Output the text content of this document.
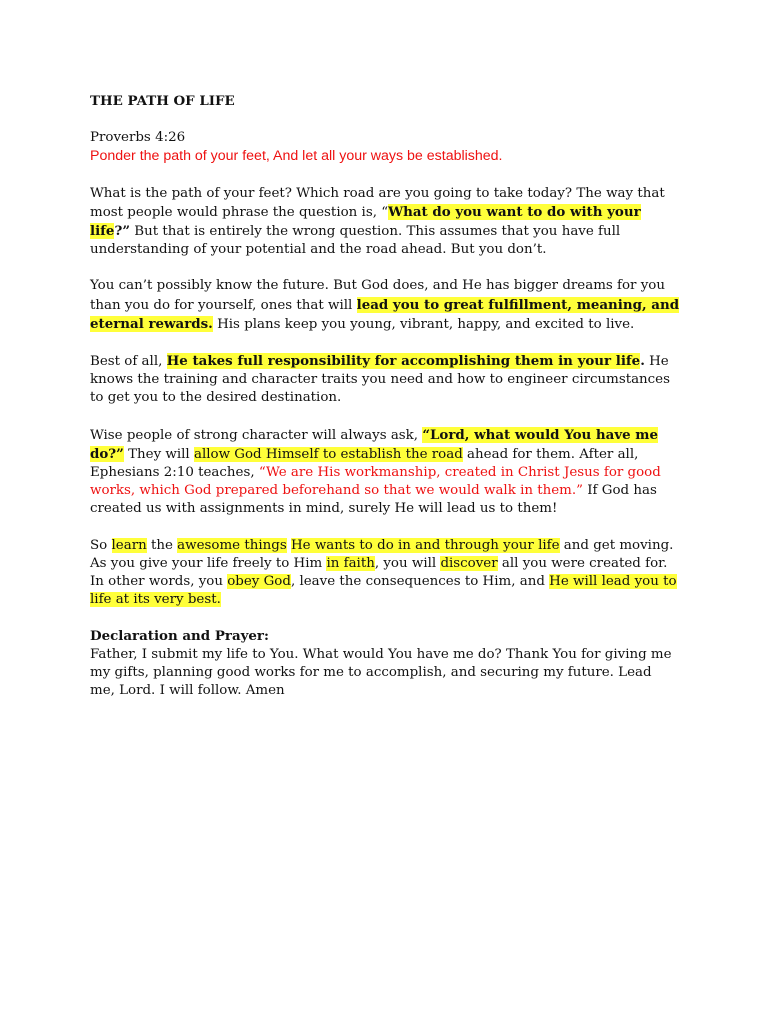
THE PATH OF LIFE
Proverbs 4:26
Ponder the path of your feet, And let all your ways be established.

What is the path of your feet? Which road are you going to take today? The way that most people would phrase the question is, “What do you want to do with your life?” But that is entirely the wrong question. This assumes that you have full understanding of your potential and the road ahead. But you don’t.

You can’t possibly know the future. But God does, and He has bigger dreams for you than you do for yourself, ones that will lead you to great fulfillment, meaning, and eternal rewards. His plans keep you young, vibrant, happy, and excited to live.

Best of all, He takes full responsibility for accomplishing them in your life. He knows the training and character traits you need and how to engineer circumstances to get you to the desired destination.

Wise people of strong character will always ask, “Lord, what would You have me do?” They will allow God Himself to establish the road ahead for them. After all, Ephesians 2:10 teaches, “We are His workmanship, created in Christ Jesus for good works, which God prepared beforehand so that we would walk in them.” If God has created us with assignments in mind, surely He will lead us to them!

So learn the awesome things He wants to do in and through your life and get moving. As you give your life freely to Him in faith, you will discover all you were created for. In other words, you obey God, leave the consequences to Him, and He will lead you to life at its very best.

Declaration and Prayer:
Father, I submit my life to You. What would You have me do? Thank You for giving me my gifts, planning good works for me to accomplish, and securing my future. Lead me, Lord. I will follow. Amen
